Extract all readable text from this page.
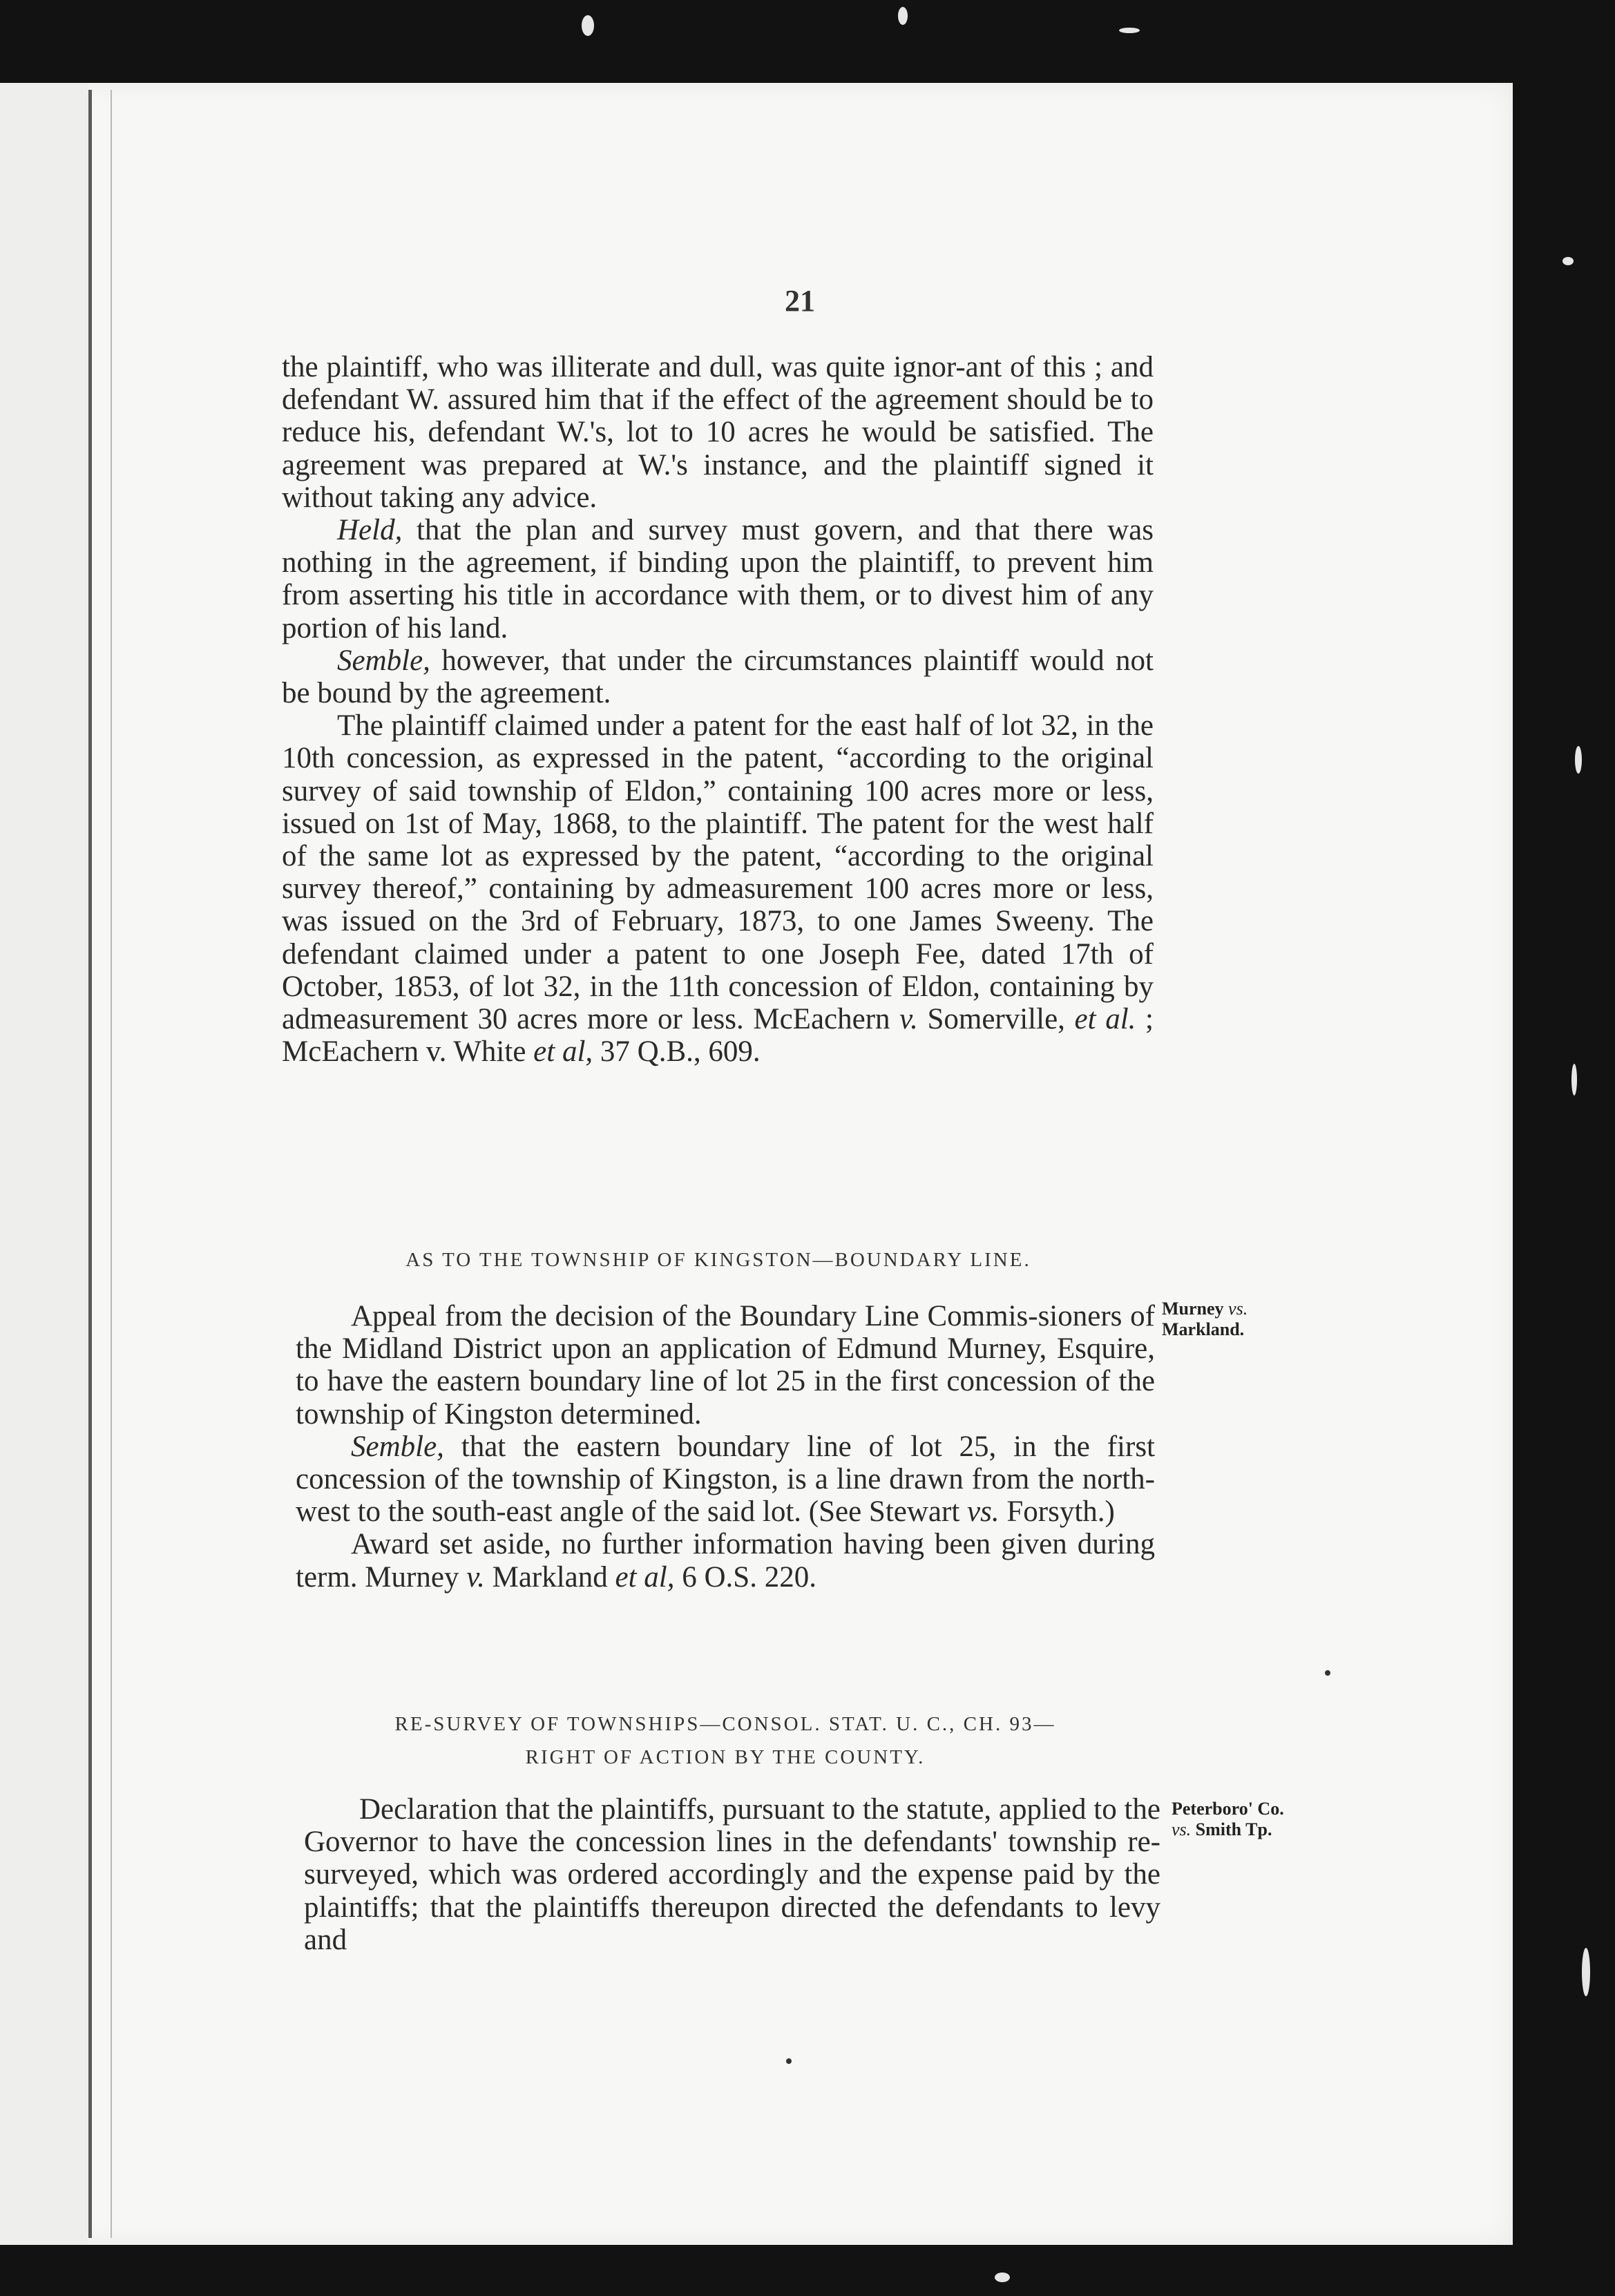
21

the plaintiff, who was illiterate and dull, was quite ignor-ant of this ; and defendant W. assured him that if the effect of the agreement should be to reduce his, defendant W.'s, lot to 10 acres he would be satisfied. The agreement was prepared at W.'s instance, and the plaintiff signed it without taking any advice.

Held, that the plan and survey must govern, and that there was nothing in the agreement, if binding upon the plaintiff, to prevent him from asserting his title in accordance with them, or to divest him of any portion of his land.

Semble, however, that under the circumstances plaintiff would not be bound by the agreement.

The plaintiff claimed under a patent for the east half of lot 32, in the 10th concession, as expressed in the patent, “according to the original survey of said township of Eldon,” containing 100 acres more or less, issued on 1st of May, 1868, to the plaintiff. The patent for the west half of the same lot as expressed by the patent, “according to the original survey thereof,” containing by admeasurement 100 acres more or less, was issued on the 3rd of February, 1873, to one James Sweeny. The defendant claimed under a patent to one Joseph Fee, dated 17th of October, 1853, of lot 32, in the 11th concession of Eldon, containing by admeasurement 30 acres more or less. McEachern v. Somerville, et al. ; McEachern v. White et al, 37 Q.B., 609.

AS TO THE TOWNSHIP OF KINGSTON—BOUNDARY LINE.

Appeal from the decision of the Boundary Line Commis-sioners of the Midland District upon an application of Edmund Murney, Esquire, to have the eastern boundary line of lot 25 in the first concession of the township of Kingston determined.

Semble, that the eastern boundary line of lot 25, in the first concession of the township of Kingston, is a line drawn from the north-west to the south-east angle of the said lot. (See Stewart vs. Forsyth.)

Award set aside, no further information having been given during term. Murney v. Markland et al, 6 O.S. 220.

Murney vs.
Markland.
RE-SURVEY OF TOWNSHIPS—CONSOL. STAT. U. C., CH. 93—
RIGHT OF ACTION BY THE COUNTY.

Declaration that the plaintiffs, pursuant to the statute, applied to the Governor to have the concession lines in the defendants' township re-surveyed, which was ordered accordingly and the expense paid by the plaintiffs; that the plaintiffs thereupon directed the defendants to levy and

Peterboro' Co.
vs. Smith Tp.
